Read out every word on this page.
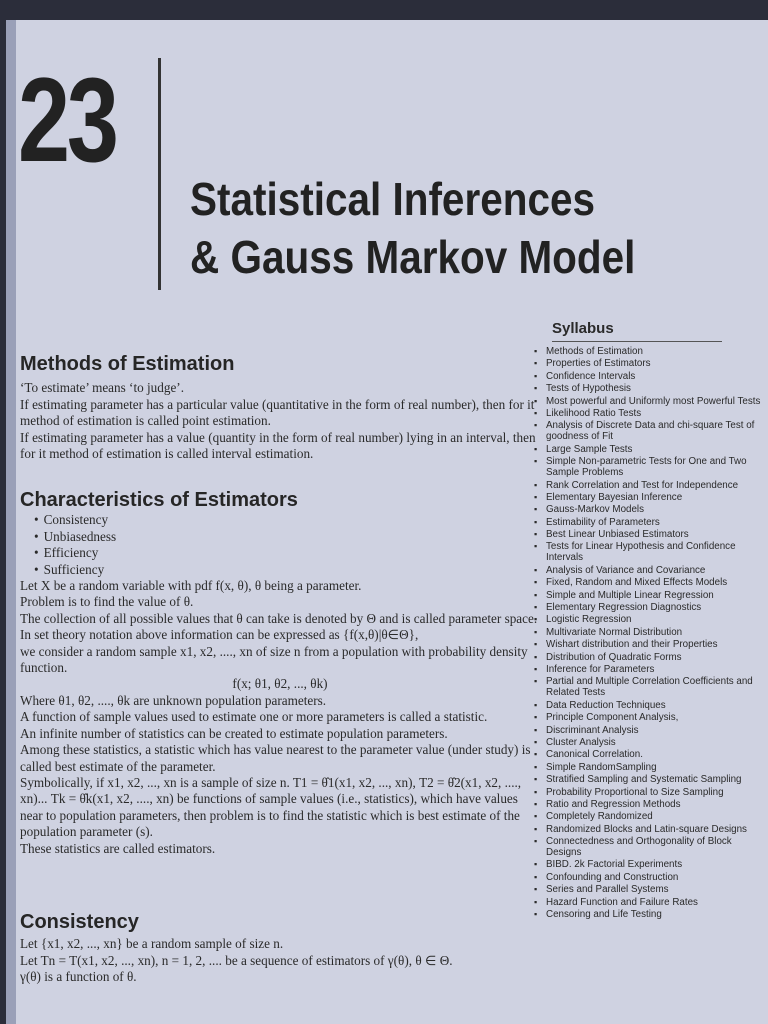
23
Statistical Inferences
& Gauss Markov Model
Methods of Estimation

‘To estimate’ means ‘to judge’.

If estimating parameter has a particular value (quantitative in the form of real number), then for it method of estimation is called point estimation.

If estimating parameter has a value (quantity in the form of real number) lying in an interval, then for it method of estimation is called interval estimation.

Characteristics of Estimators
• Consistency
• Unbiasedness
• Efficiency
• Sufficiency

Let X be a random variable with pdf f(x, θ), θ being a parameter.

Problem is to find the value of θ.

The collection of all possible values that θ can take is denoted by Θ and is called parameter space.

In set theory notation above information can be expressed as {f(x,θ)|θ∈Θ},

we consider a random sample x1, x2, ...., xn of size n from a population with probability density function.

f(x; θ1, θ2, ..., θk)

Where θ1, θ2, ...., θk are unknown population parameters.

A function of sample values used to estimate one or more parameters is called a statistic.

An infinite number of statistics can be created to estimate population parameters.

Among these statistics, a statistic which has value nearest to the parameter value (under study) is called best estimate of the parameter.

Symbolically, if x1, x2, ..., xn is a sample of size n. T1 = θ̂1(x1, x2, ..., xn), T2 = θ̂2(x1, x2, ...., xn)... Tk = θ̂k(x1, x2, ...., xn) be functions of sample values (i.e., statistics), which have values near to population parameters, then problem is to find the statistic which is best estimate of the population parameter (s).

These statistics are called estimators.

Consistency

Let {x1, x2, ..., xn} be a random sample of size n.

Let Tn = T(x1, x2, ..., xn), n = 1, 2, .... be a sequence of estimators of γ(θ), θ ∈ Θ.

γ(θ) is a function of θ.

Syllabus
▪ Methods of Estimation
▪ Properties of Estimators
▪ Confidence Intervals
▪ Tests of Hypothesis
▪ Most powerful and Uniformly most Powerful Tests
▪ Likelihood Ratio Tests
▪ Analysis of Discrete Data and chi-square Test of goodness of Fit
▪ Large Sample Tests
▪ Simple Non-parametric Tests for One and Two Sample Problems
▪ Rank Correlation and Test for Independence
▪ Elementary Bayesian Inference
▪ Gauss-Markov Models
▪ Estimability of Parameters
▪ Best Linear Unbiased Estimators
▪ Tests for Linear Hypothesis and Confidence Intervals
▪ Analysis of Variance and Covariance
▪ Fixed, Random and Mixed Effects Models
▪ Simple and Multiple Linear Regression
▪ Elementary Regression Diagnostics
▪ Logistic Regression
▪ Multivariate Normal Distribution
▪ Wishart distribution and their Properties
▪ Distribution of Quadratic Forms
▪ Inference for Parameters
▪ Partial and Multiple Correlation Coefficients and Related Tests
▪ Data Reduction Techniques
▪ Principle Component Analysis,
▪ Discriminant Analysis
▪ Cluster Analysis
▪ Canonical Correlation.
▪ Simple RandomSampling
▪ Stratified Sampling and Systematic Sampling
▪ Probability Proportional to Size Sampling
▪ Ratio and Regression Methods
▪ Completely Randomized
▪ Randomized Blocks and Latin-square Designs
▪ Connectedness and Orthogonality of Block Designs
▪ BIBD. 2k Factorial Experiments
▪ Confounding and Construction
▪ Series and Parallel Systems
▪ Hazard Function and Failure Rates
▪ Censoring and Life Testing
